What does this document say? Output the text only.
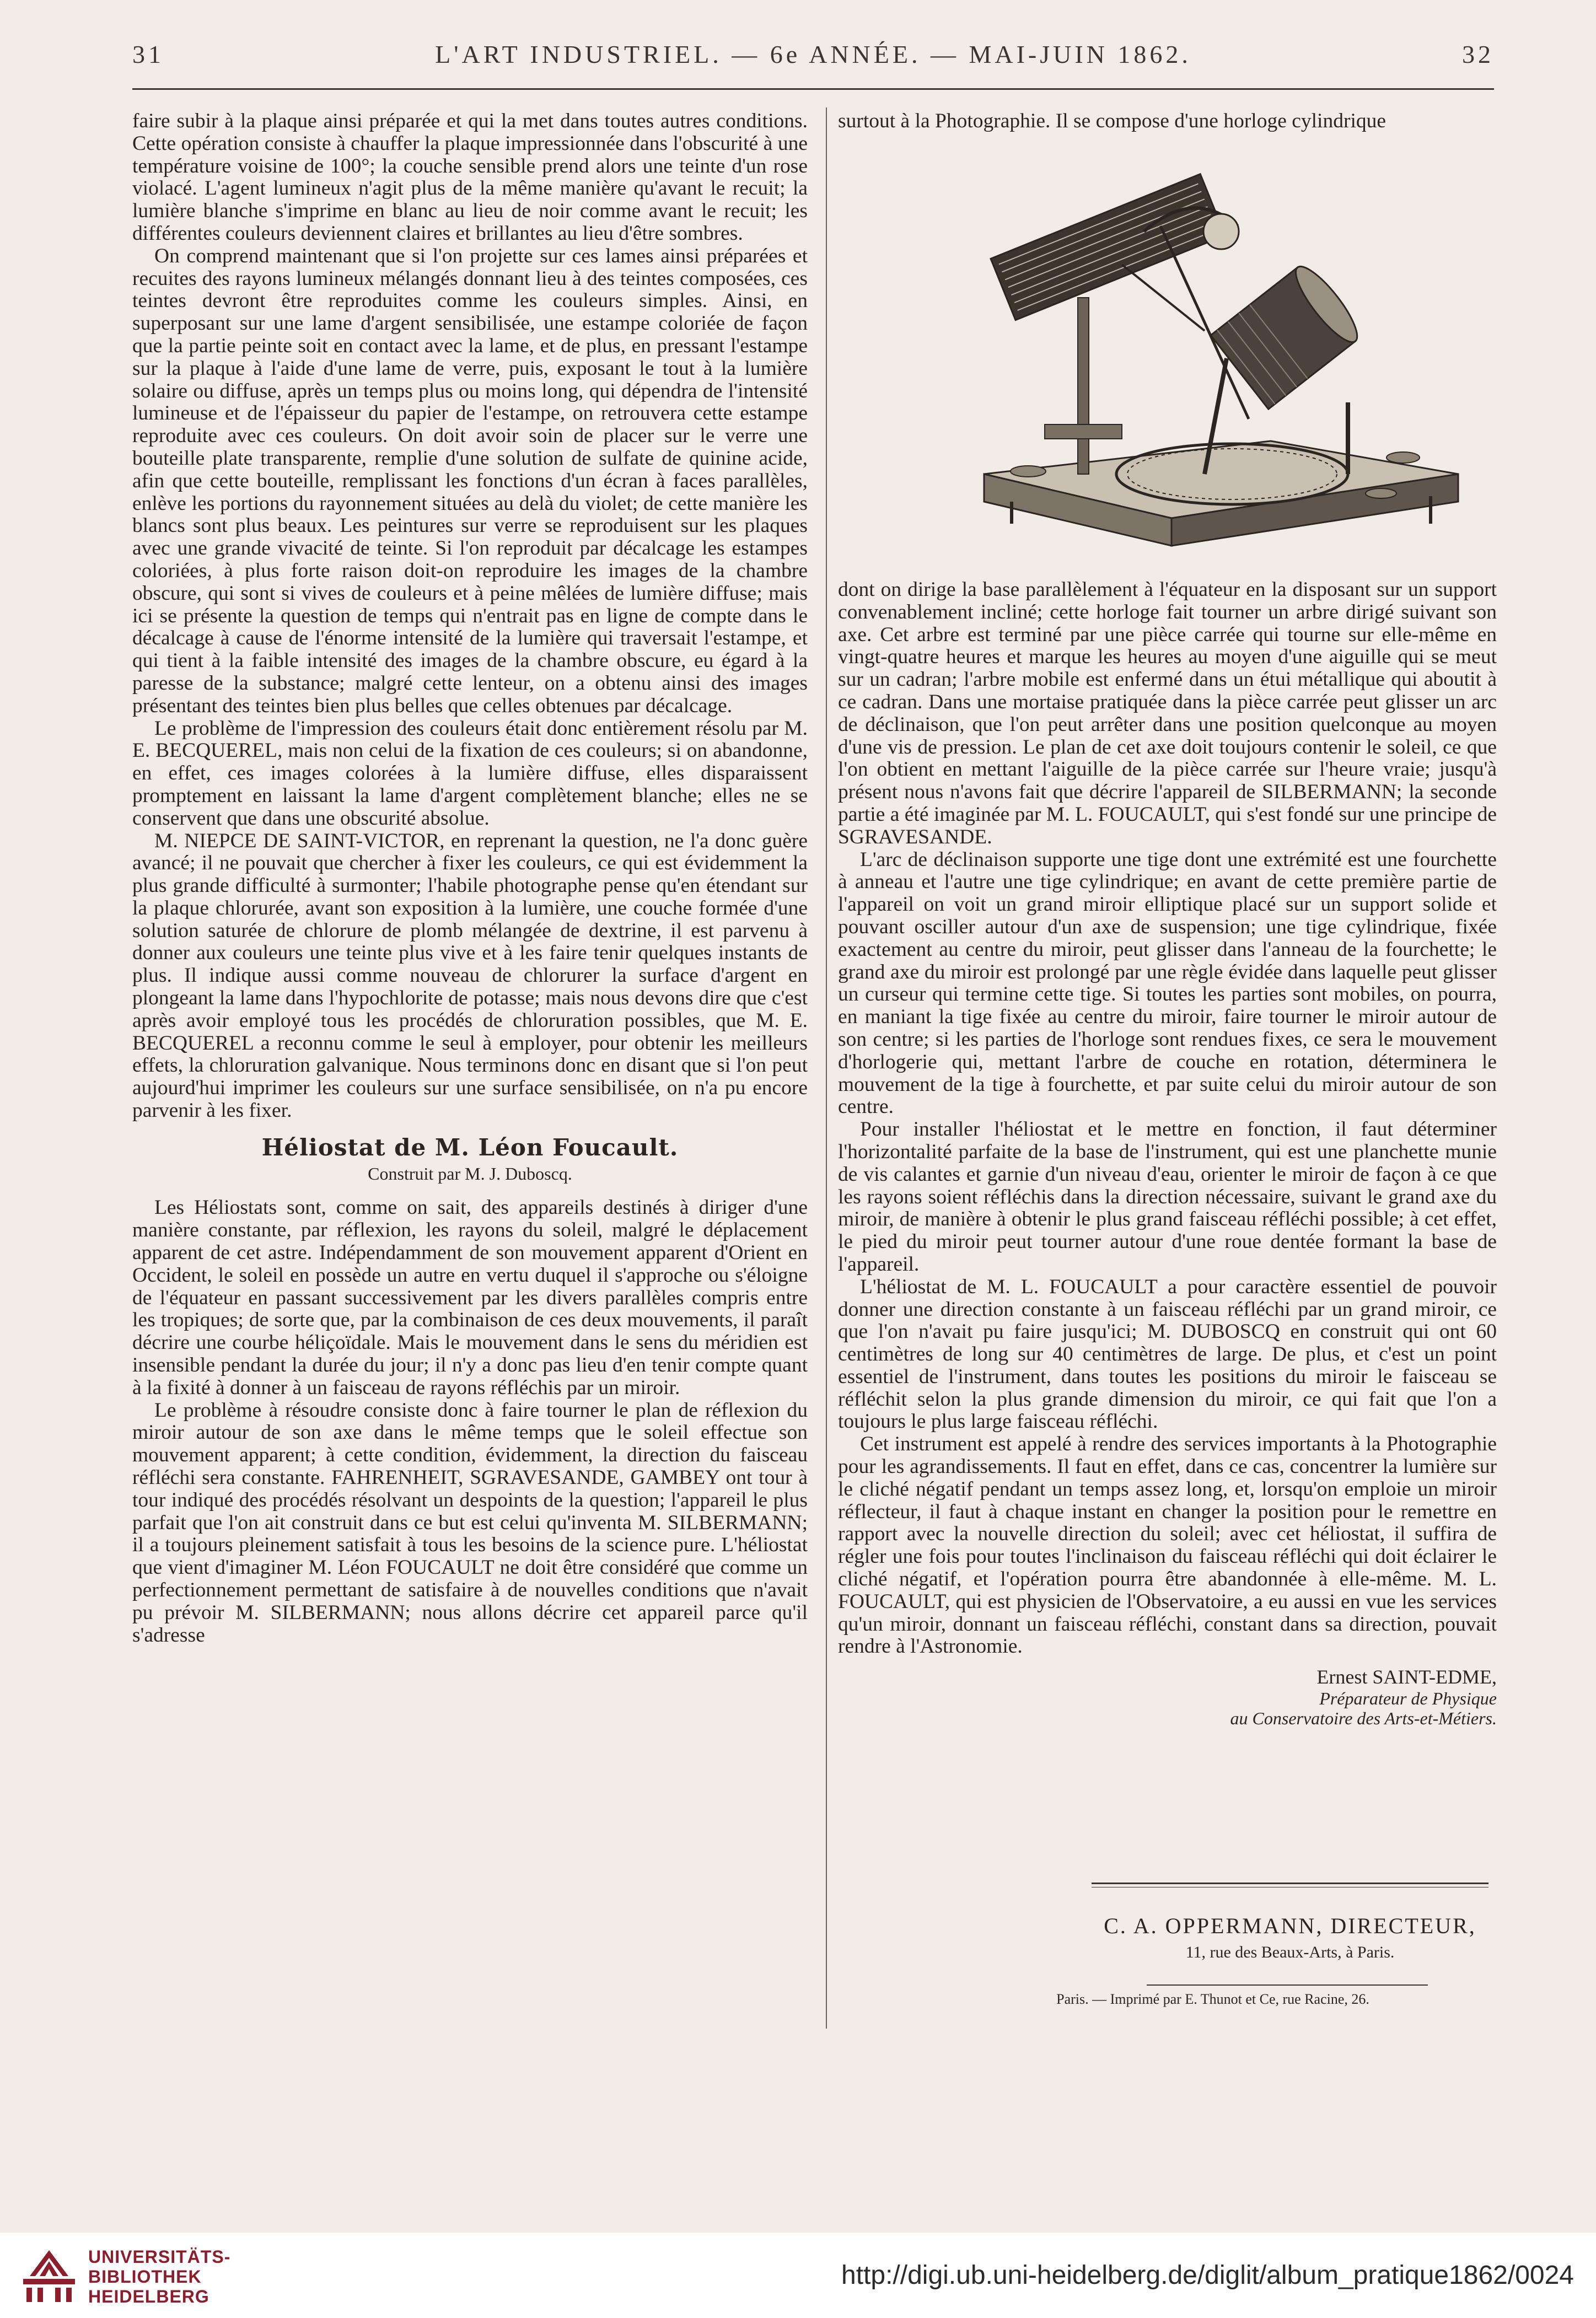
31	L'ART INDUSTRIEL. — 6e ANNÉE. — MAI-JUIN 1862.	32

faire subir à la plaque ainsi préparée et qui la met dans toutes autres conditions. Cette opération consiste à chauffer la plaque impressionnée dans l'obscurité à une température voisine de 100°; la couche sensible prend alors une teinte d'un rose violacé. L'agent lumineux n'agit plus de la même manière qu'avant le recuit; la lumière blanche s'imprime en blanc au lieu de noir comme avant le recuit; les différentes couleurs deviennent claires et brillantes au lieu d'être sombres.

On comprend maintenant que si l'on projette sur ces lames ainsi préparées et recuites des rayons lumineux mélangés donnant lieu à des teintes composées, ces teintes devront être reproduites comme les couleurs simples. Ainsi, en superposant sur une lame d'argent sensibilisée, une estampe coloriée de façon que la partie peinte soit en contact avec la lame, et de plus, en pressant l'estampe sur la plaque à l'aide d'une lame de verre, puis, exposant le tout à la lumière solaire ou diffuse, après un temps plus ou moins long, qui dépendra de l'intensité lumineuse et de l'épaisseur du papier de l'estampe, on retrouvera cette estampe reproduite avec ces couleurs. On doit avoir soin de placer sur le verre une bouteille plate transparente, remplie d'une solution de sulfate de quinine acide, afin que cette bouteille, remplissant les fonctions d'un écran à faces parallèles, enlève les portions du rayonnement situées au delà du violet; de cette manière les blancs sont plus beaux. Les peintures sur verre se reproduisent sur les plaques avec une grande vivacité de teinte. Si l'on reproduit par décalcage les estampes coloriées, à plus forte raison doit-on reproduire les images de la chambre obscure, qui sont si vives de couleurs et à peine mêlées de lumière diffuse; mais ici se présente la question de temps qui n'entrait pas en ligne de compte dans le décalcage à cause de l'énorme intensité de la lumière qui traversait l'estampe, et qui tient à la faible intensité des images de la chambre obscure, eu égard à la paresse de la substance; malgré cette lenteur, on a obtenu ainsi des images présentant des teintes bien plus belles que celles obtenues par décalcage.

Le problème de l'impression des couleurs était donc entièrement résolu par M. E. BECQUEREL, mais non celui de la fixation de ces couleurs; si on abandonne, en effet, ces images colorées à la lumière diffuse, elles disparaissent promptement en laissant la lame d'argent complètement blanche; elles ne se conservent que dans une obscurité absolue.

M. NIEPCE DE SAINT-VICTOR, en reprenant la question, ne l'a donc guère avancé; il ne pouvait que chercher à fixer les couleurs, ce qui est évidemment la plus grande difficulté à surmonter; l'habile photographe pense qu'en étendant sur la plaque chlorurée, avant son exposition à la lumière, une couche formée d'une solution saturée de chlorure de plomb mélangée de dextrine, il est parvenu à donner aux couleurs une teinte plus vive et à les faire tenir quelques instants de plus. Il indique aussi comme nouveau de chlorurer la surface d'argent en plongeant la lame dans l'hypochlorite de potasse; mais nous devons dire que c'est après avoir employé tous les procédés de chloruration possibles, que M. E. BECQUEREL a reconnu comme le seul à employer, pour obtenir les meilleurs effets, la chloruration galvanique. Nous terminons donc en disant que si l'on peut aujourd'hui imprimer les couleurs sur une surface sensibilisée, on n'a pu encore parvenir à les fixer.

Héliostat de M. Léon Foucault.
Construit par M. J. Duboscq.

Les Héliostats sont, comme on sait, des appareils destinés à diriger d'une manière constante, par réflexion, les rayons du soleil, malgré le déplacement apparent de cet astre. Indépendamment de son mouvement apparent d'Orient en Occident, le soleil en possède un autre en vertu duquel il s'approche ou s'éloigne de l'équateur en passant successivement par les divers parallèles compris entre les tropiques; de sorte que, par la combinaison de ces deux mouvements, il paraît décrire une courbe héliçoïdale. Mais le mouvement dans le sens du méridien est insensible pendant la durée du jour; il n'y a donc pas lieu d'en tenir compte quant à la fixité à donner à un faisceau de rayons réfléchis par un miroir.

Le problème à résoudre consiste donc à faire tourner le plan de réflexion du miroir autour de son axe dans le même temps que le soleil effectue son mouvement apparent; à cette condition, évidemment, la direction du faisceau réfléchi sera constante. FAHRENHEIT, SGRAVESANDE, GAMBEY ont tour à tour indiqué des procédés résolvant un despoints de la question; l'appareil le plus parfait que l'on ait construit dans ce but est celui qu'inventa M. SILBERMANN; il a toujours pleinement satisfait à tous les besoins de la science pure. L'héliostat que vient d'imaginer M. Léon FOUCAULT ne doit être considéré que comme un perfectionnement permettant de satisfaire à de nouvelles conditions que n'avait pu prévoir M. SILBERMANN; nous allons décrire cet appareil parce qu'il s'adresse

surtout à la Photographie. Il se compose d'une horloge cylindrique

dont on dirige la base parallèlement à l'équateur en la disposant sur un support convenablement incliné; cette horloge fait tourner un arbre dirigé suivant son axe. Cet arbre est terminé par une pièce carrée qui tourne sur elle-même en vingt-quatre heures et marque les heures au moyen d'une aiguille qui se meut sur un cadran; l'arbre mobile est enfermé dans un étui métallique qui aboutit à ce cadran. Dans une mortaise pratiquée dans la pièce carrée peut glisser un arc de déclinaison, que l'on peut arrêter dans une position quelconque au moyen d'une vis de pression. Le plan de cet axe doit toujours contenir le soleil, ce que l'on obtient en mettant l'aiguille de la pièce carrée sur l'heure vraie; jusqu'à présent nous n'avons fait que décrire l'appareil de SILBERMANN; la seconde partie a été imaginée par M. L. FOUCAULT, qui s'est fondé sur une principe de SGRAVESANDE.

L'arc de déclinaison supporte une tige dont une extrémité est une fourchette à anneau et l'autre une tige cylindrique; en avant de cette première partie de l'appareil on voit un grand miroir elliptique placé sur un support solide et pouvant osciller autour d'un axe de suspension; une tige cylindrique, fixée exactement au centre du miroir, peut glisser dans l'anneau de la fourchette; le grand axe du miroir est prolongé par une règle évidée dans laquelle peut glisser un curseur qui termine cette tige. Si toutes les parties sont mobiles, on pourra, en maniant la tige fixée au centre du miroir, faire tourner le miroir autour de son centre; si les parties de l'horloge sont rendues fixes, ce sera le mouvement d'horlogerie qui, mettant l'arbre de couche en rotation, déterminera le mouvement de la tige à fourchette, et par suite celui du miroir autour de son centre.

Pour installer l'héliostat et le mettre en fonction, il faut déterminer l'horizontalité parfaite de la base de l'instrument, qui est une planchette munie de vis calantes et garnie d'un niveau d'eau, orienter le miroir de façon à ce que les rayons soient réfléchis dans la direction nécessaire, suivant le grand axe du miroir, de manière à obtenir le plus grand faisceau réfléchi possible; à cet effet, le pied du miroir peut tourner autour d'une roue dentée formant la base de l'appareil.

L'héliostat de M. L. FOUCAULT a pour caractère essentiel de pouvoir donner une direction constante à un faisceau réfléchi par un grand miroir, ce que l'on n'avait pu faire jusqu'ici; M. DUBOSCQ en construit qui ont 60 centimètres de long sur 40 centimètres de large. De plus, et c'est un point essentiel de l'instrument, dans toutes les positions du miroir le faisceau se réfléchit selon la plus grande dimension du miroir, ce qui fait que l'on a toujours le plus large faisceau réfléchi.

Cet instrument est appelé à rendre des services importants à la Photographie pour les agrandissements. Il faut en effet, dans ce cas, concentrer la lumière sur le cliché négatif pendant un temps assez long, et, lorsqu'on emploie un miroir réflecteur, il faut à chaque instant en changer la position pour le remettre en rapport avec la nouvelle direction du soleil; avec cet héliostat, il suffira de régler une fois pour toutes l'inclinaison du faisceau réfléchi qui doit éclairer le cliché négatif, et l'opération pourra être abandonnée à elle-même. M. L. FOUCAULT, qui est physicien de l'Observatoire, a eu aussi en vue les services qu'un miroir, donnant un faisceau réfléchi, constant dans sa direction, pouvait rendre à l'Astronomie.

Ernest SAINT-EDME,
Préparateur de Physique
au Conservatoire des Arts-et-Métiers.
C. A. OPPERMANN, DIRECTEUR,
11, rue des Beaux-Arts, à Paris.
Paris. — Imprimé par E. Thunot et Ce, rue Racine, 26.
UNIVERSITÄTS-
BIBLIOTHEK
HEIDELBERG
http://digi.ub.uni-heidelberg.de/diglit/album_pratique1862/0024
